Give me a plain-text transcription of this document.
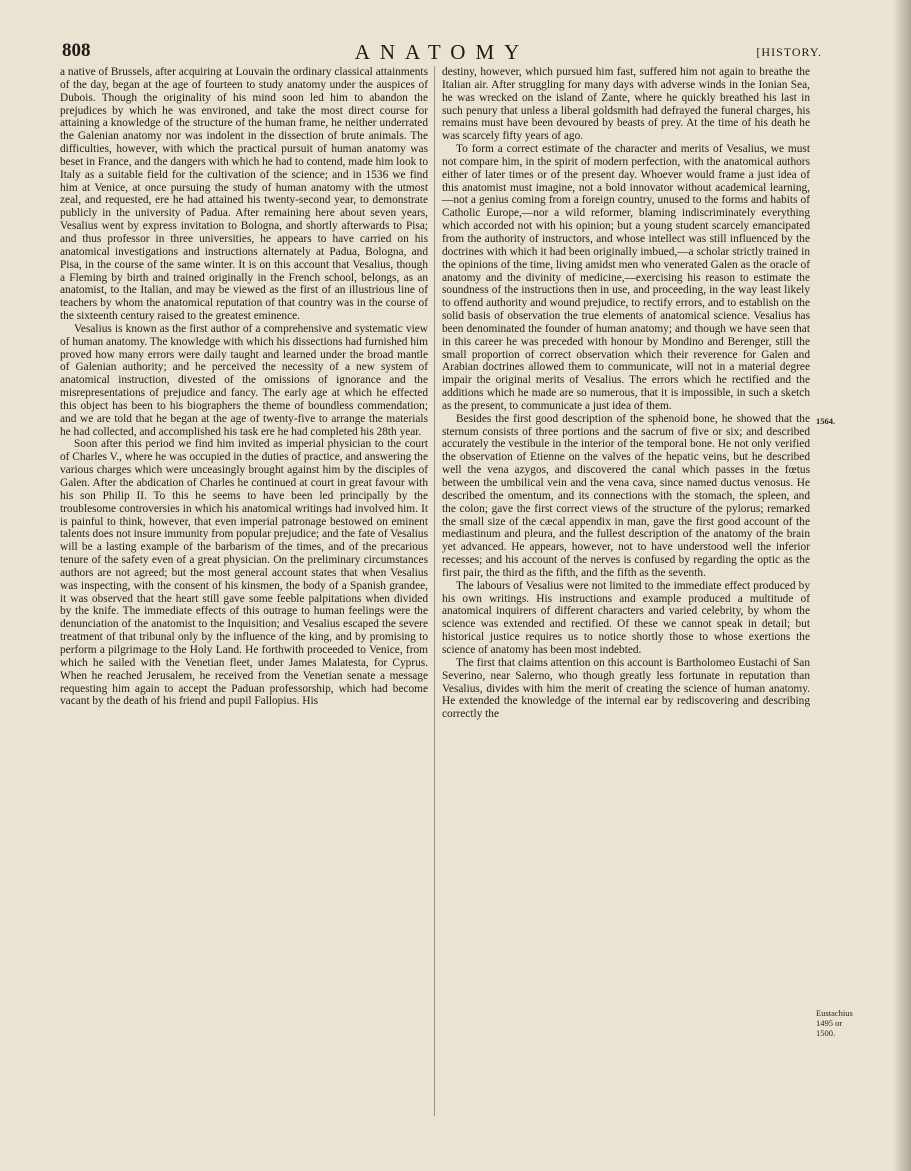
808	ANATOMY	[HISTORY.

a native of Brussels, after acquiring at Louvain the ordinary classical attainments of the day, began at the age of fourteen to study anatomy under the auspices of Dubois. Though the originality of his mind soon led him to abandon the prejudices by which he was environed, and take the most direct course for attaining a knowledge of the structure of the human frame, he neither underrated the Galenian anatomy nor was indolent in the dissection of brute animals. The difficulties, however, with which the practical pursuit of human anatomy was beset in France, and the dangers with which he had to contend, made him look to Italy as a suitable field for the cultivation of the science; and in 1536 we find him at Venice, at once pursuing the study of human anatomy with the utmost zeal, and requested, ere he had attained his twenty-second year, to demonstrate publicly in the university of Padua. After remaining here about seven years, Vesalius went by express invitation to Bologna, and shortly afterwards to Pisa; and thus professor in three universities, he appears to have carried on his anatomical investigations and instructions alternately at Padua, Bologna, and Pisa, in the course of the same winter. It is on this account that Vesalius, though a Fleming by birth and trained originally in the French school, belongs, as an anatomist, to the Italian, and may be viewed as the first of an illustrious line of teachers by whom the anatomical reputation of that country was in the course of the sixteenth century raised to the greatest eminence.

Vesalius is known as the first author of a comprehensive and systematic view of human anatomy. The knowledge with which his dissections had furnished him proved how many errors were daily taught and learned under the broad mantle of Galenian authority; and he perceived the necessity of a new system of anatomical instruction, divested of the omissions of ignorance and the misrepresentations of prejudice and fancy. The early age at which he effected this object has been to his biographers the theme of boundless commendation; and we are told that he began at the age of twenty-five to arrange the materials he had collected, and accomplished his task ere he had completed his 28th year.

Soon after this period we find him invited as imperial physician to the court of Charles V., where he was occupied in the duties of practice, and answering the various charges which were unceasingly brought against him by the disciples of Galen. After the abdication of Charles he continued at court in great favour with his son Philip II. To this he seems to have been led principally by the troublesome controversies in which his anatomical writings had involved him. It is painful to think, however, that even imperial patronage bestowed on eminent talents does not insure immunity from popular prejudice; and the fate of Vesalius will be a lasting example of the barbarism of the times, and of the precarious tenure of the safety even of a great physician. On the preliminary circumstances authors are not agreed; but the most general account states that when Vesalius was inspecting, with the consent of his kinsmen, the body of a Spanish grandee, it was observed that the heart still gave some feeble palpitations when divided by the knife. The immediate effects of this outrage to human feelings were the denunciation of the anatomist to the Inquisition; and Vesalius escaped the severe treatment of that tribunal only by the influence of the king, and by promising to perform a pilgrimage to the Holy Land. He forthwith proceeded to Venice, from which he sailed with the Venetian fleet, under James Malatesta, for Cyprus. When he reached Jerusalem, he received from the Venetian senate a message requesting him again to accept the Paduan professorship, which had become vacant by the death of his friend and pupil Fallopius. His

destiny, however, which pursued him fast, suffered him not again to breathe the Italian air. After struggling for many days with adverse winds in the Ionian Sea, he was wrecked on the island of Zante, where he quickly breathed his last in such penury that unless a liberal goldsmith had defrayed the funeral charges, his remains must have been devoured by beasts of prey. At the time of his death he was scarcely fifty years of ago.

To form a correct estimate of the character and merits of Vesalius, we must not compare him, in the spirit of modern perfection, with the anatomical authors either of later times or of the present day. Whoever would frame a just idea of this anatomist must imagine, not a bold innovator without academical learning,—not a genius coming from a foreign country, unused to the forms and habits of Catholic Europe,—nor a wild reformer, blaming indiscriminately everything which accorded not with his opinion; but a young student scarcely emancipated from the authority of instructors, and whose intellect was still influenced by the doctrines with which it had been originally imbued,—a scholar strictly trained in the opinions of the time, living amidst men who venerated Galen as the oracle of anatomy and the divinity of medicine,—exercising his reason to estimate the soundness of the instructions then in use, and proceeding, in the way least likely to offend authority and wound prejudice, to rectify errors, and to establish on the solid basis of observation the true elements of anatomical science. Vesalius has been denominated the founder of human anatomy; and though we have seen that in this career he was preceded with honour by Mondino and Berenger, still the small proportion of correct observation which their reverence for Galen and Arabian doctrines allowed them to communicate, will not in a material degree impair the original merits of Vesalius. The errors which he rectified and the additions which he made are so numerous, that it is impossible, in such a sketch as the present, to communicate a just idea of them.

Besides the first good description of the sphenoid bone, he showed that the sternum consists of three portions and the sacrum of five or six; and described accurately the vestibule in the interior of the temporal bone. He not only verified the observation of Etienne on the valves of the hepatic veins, but he described well the vena azygos, and discovered the canal which passes in the fœtus between the umbilical vein and the vena cava, since named ductus venosus. He described the omentum, and its connections with the stomach, the spleen, and the colon; gave the first correct views of the structure of the pylorus; remarked the small size of the cæcal appendix in man, gave the first good account of the mediastinum and pleura, and the fullest description of the anatomy of the brain yet advanced. He appears, however, not to have understood well the inferior recesses; and his account of the nerves is confused by regarding the optic as the first pair, the third as the fifth, and the fifth as the seventh.

The labours of Vesalius were not limited to the immediate effect produced by his own writings. His instructions and example produced a multitude of anatomical inquirers of different characters and varied celebrity, by whom the science was extended and rectified. Of these we cannot speak in detail; but historical justice requires us to notice shortly those to whose exertions the science of anatomy has been most indebted.

The first that claims attention on this account is Bartholomeo Eustachi of San Severino, near Salerno, who though greatly less fortunate in reputation than Vesalius, divides with him the merit of creating the science of human anatomy. He extended the knowledge of the internal ear by rediscovering and describing correctly the

1564.
Eustachius
1495 or
1500.
